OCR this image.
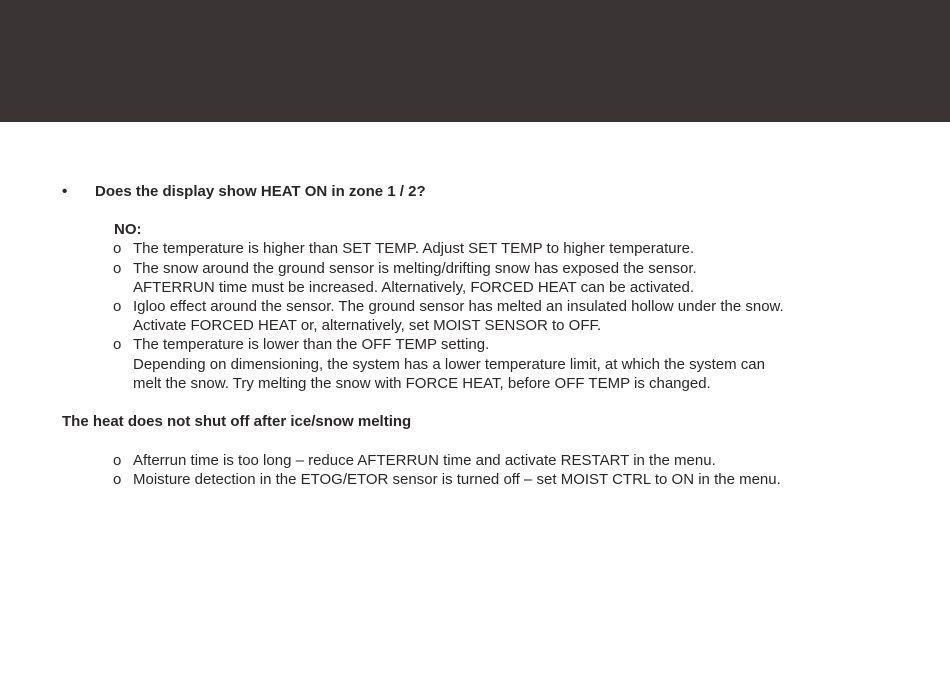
• Does the display show HEAT ON in zone 1 / 2?
NO:
o The temperature is higher than SET TEMP. Adjust SET TEMP to higher temperature.
o The snow around the ground sensor is melting/drifting snow has exposed the sensor.
AFTERRUN time must be increased. Alternatively, FORCED HEAT can be activated.
o Igloo effect around the sensor. The ground sensor has melted an insulated hollow under the snow.
Activate FORCED HEAT or, alternatively, set MOIST SENSOR to OFF.
o The temperature is lower than the OFF TEMP setting.
Depending on dimensioning, the system has a lower temperature limit, at which the system can
melt the snow. Try melting the snow with FORCE HEAT, before OFF TEMP is changed.
The heat does not shut off after ice/snow melting
o Afterrun time is too long – reduce AFTERRUN time and activate RESTART in the menu.
o Moisture detection in the ETOG/ETOR sensor is turned off – set MOIST CTRL to ON in the menu.
